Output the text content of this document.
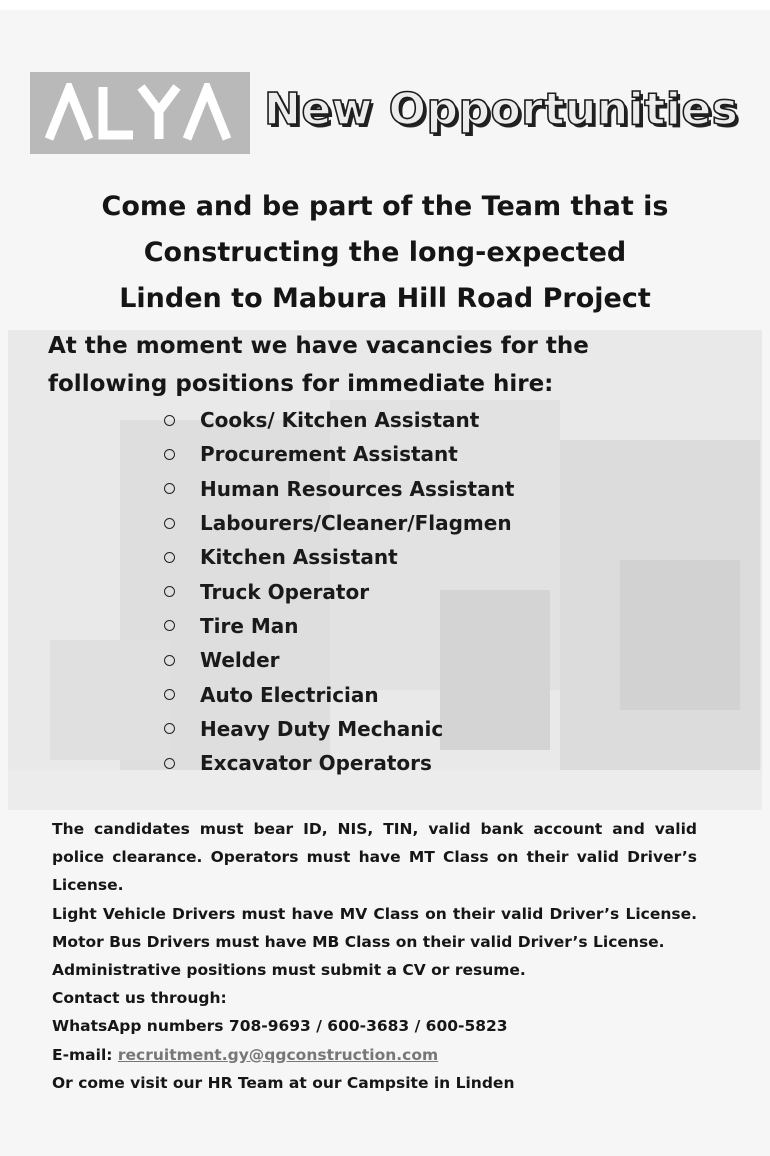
New Opportunities
Come and be part of the Team that is
Constructing the long-expected
Linden to Mabura Hill Road Project
At the moment we have vacancies for the
following positions for immediate hire:
Cooks/ Kitchen Assistant
Procurement Assistant
Human Resources Assistant
Labourers/Cleaner/Flagmen
Kitchen Assistant
Truck Operator
Tire Man
Welder
Auto Electrician
Heavy Duty Mechanic
Excavator Operators

The candidates must bear ID, NIS, TIN, valid bank account and valid police clearance. Operators must have MT Class on their valid Driver’s License.

Light Vehicle Drivers must have MV Class on their valid Driver’s License. Motor Bus Drivers must have MB Class on their valid Driver’s License.

Administrative positions must submit a CV or resume.
Contact us through:
WhatsApp numbers 708-9693 / 600-3683 / 600-5823
E-mail: recruitment.gy@qgconstruction.com
Or come visit our HR Team at our Campsite in Linden
